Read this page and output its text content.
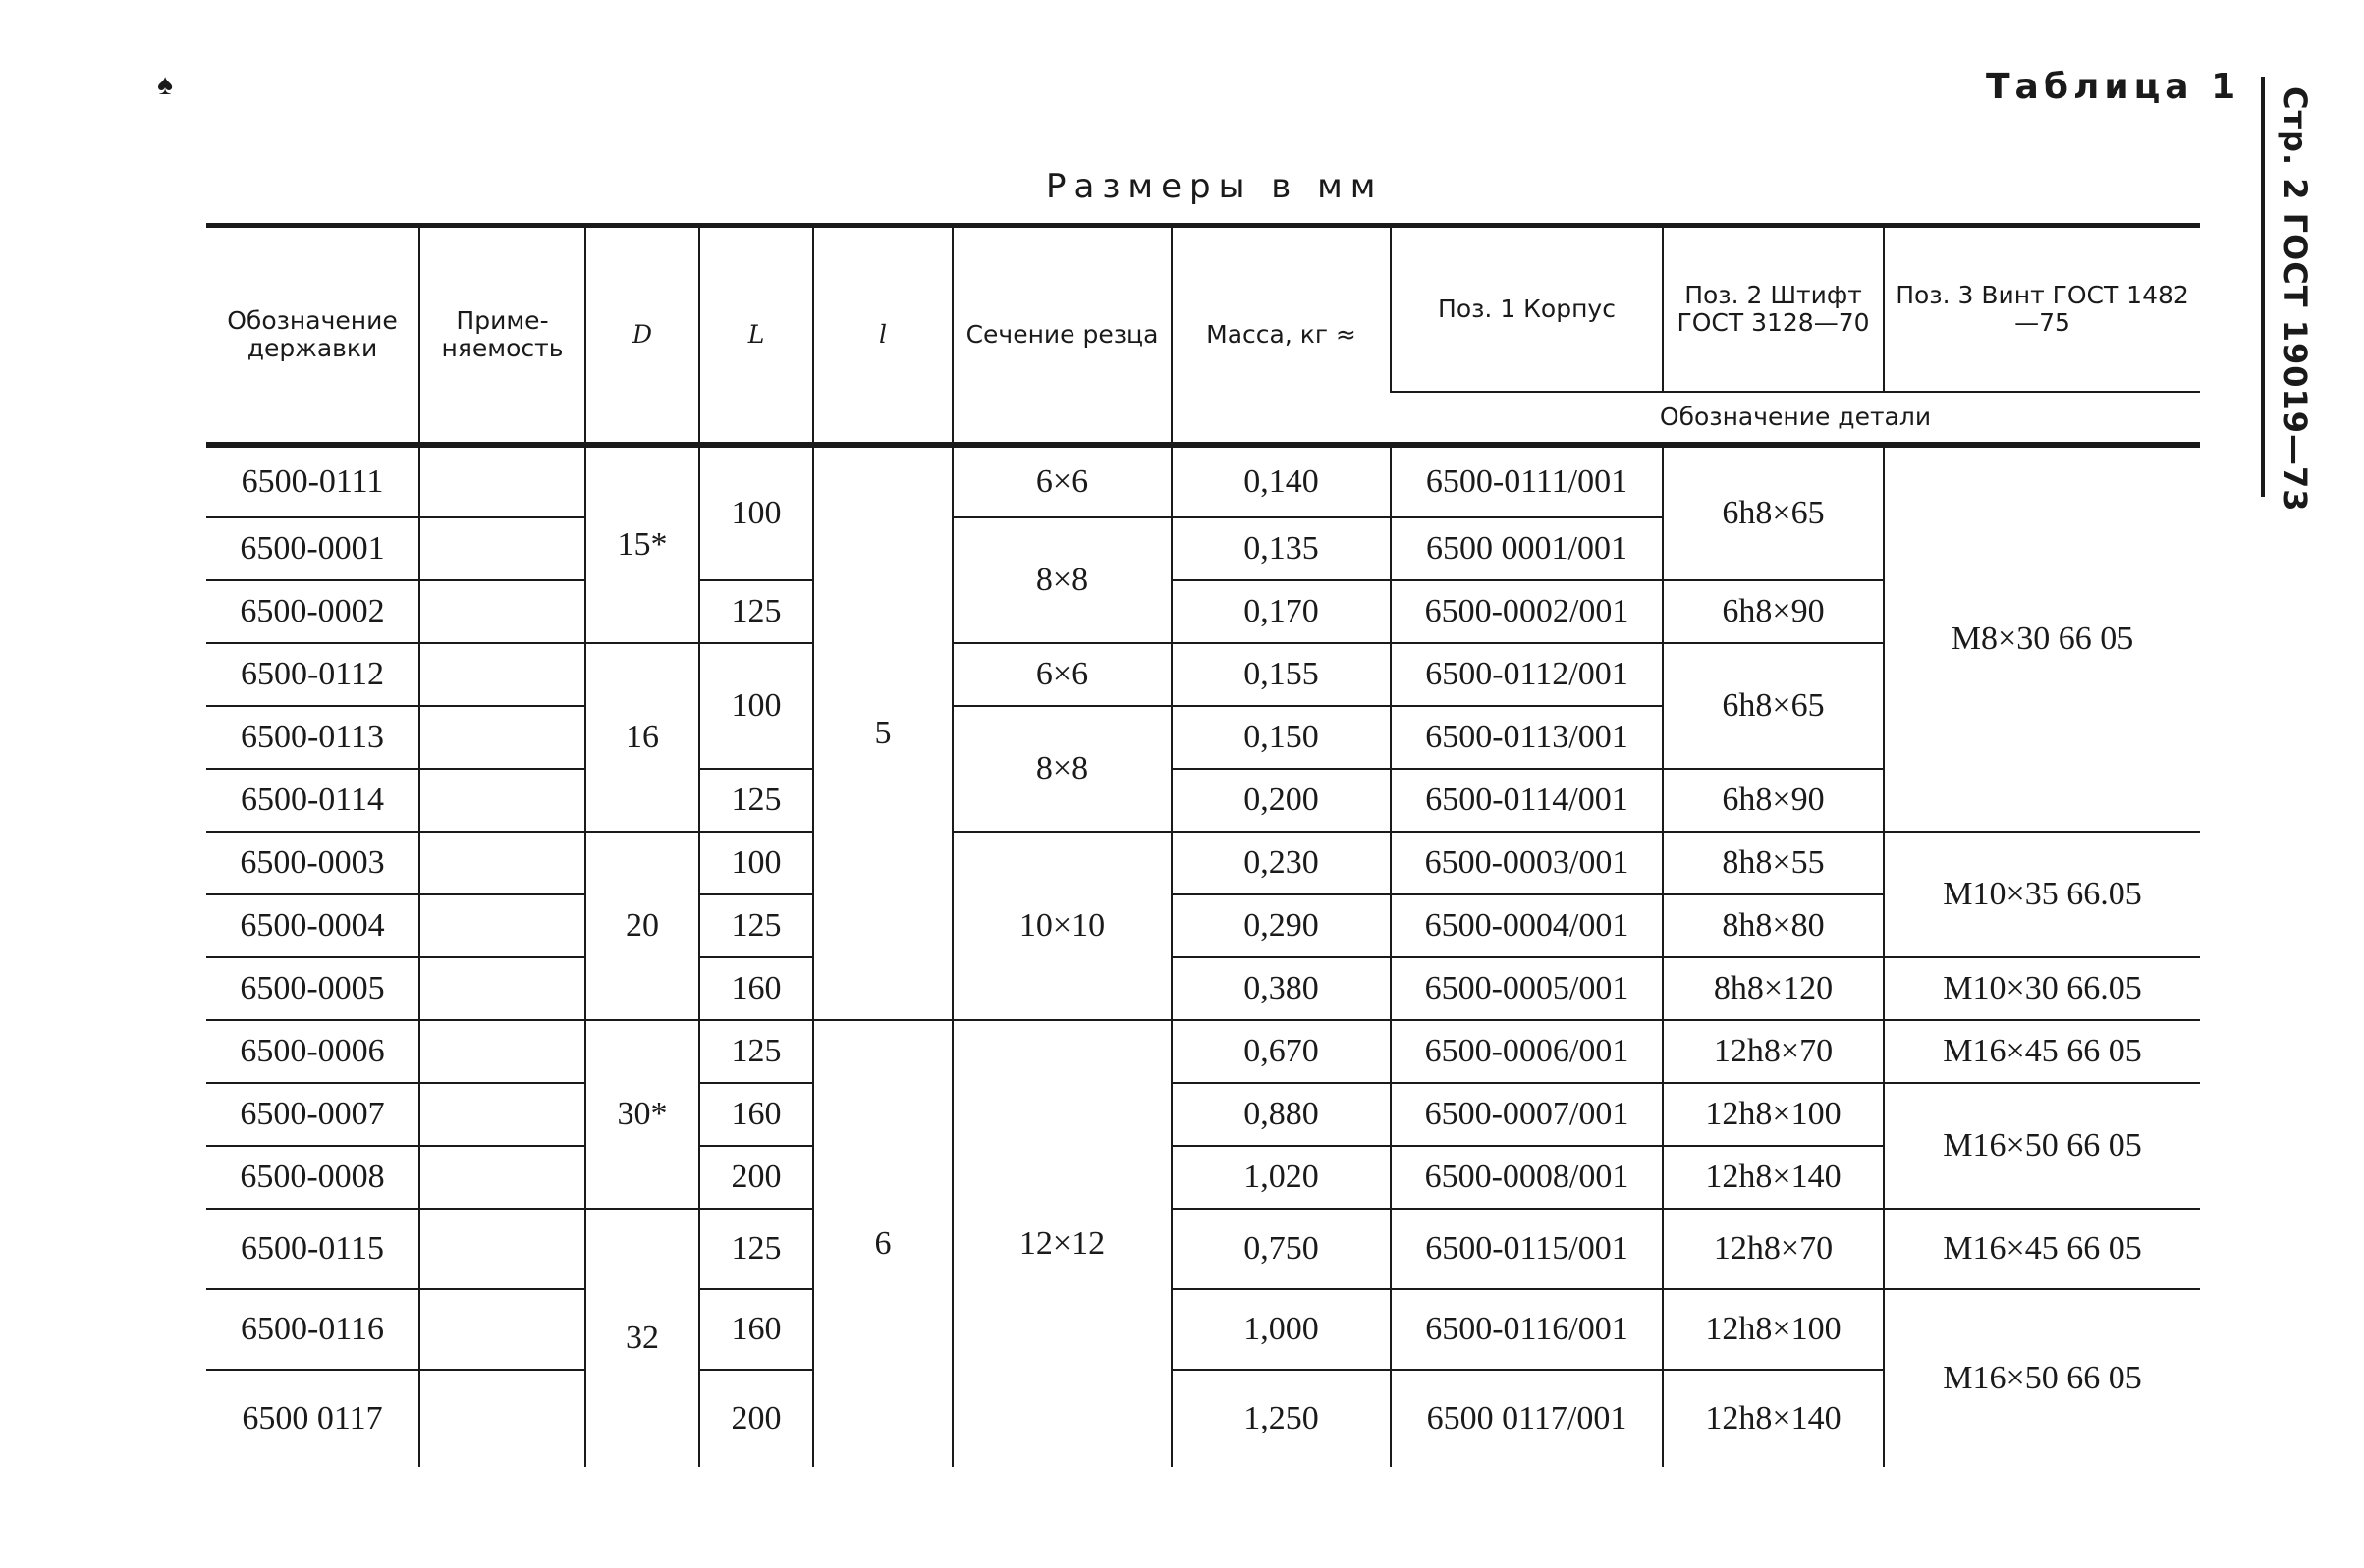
♠	Таблица 1
Размеры в мм	Стр. 2 ГОСТ 19019—73
Обозначение державки	Приме-няемость	D	L	l	Сечение резца	Масса, кг ≈	Поз. 1 Корпус	Поз. 2 Штифт ГОСТ 3128—70	Поз. 3 Винт ГОСТ 1482—75
							Обозначение детали		

6500-0111		15*	100	5	6×6	0,140	6500-0111/001	6h8×65	М8×30 66 05
6500-0001					8×8	0,135	6500 0001/001		
6500-0002			125			0,170	6500-0002/001	6h8×90	
6500-0112		16	100		6×6	0,155	6500-0112/001	6h8×65	
6500-0113					8×8	0,150	6500-0113/001		
6500-0114			125			0,200	6500-0114/001	6h8×90	
6500-0003		20	100		10×10	0,230	6500-0003/001	8h8×55	М10×35 66.05
6500-0004			125			0,290	6500-0004/001	8h8×80	
6500-0005			160			0,380	6500-0005/001	8h8×120	М10×30 66.05
6500-0006		30*	125	6	12×12	0,670	6500-0006/001	12h8×70	М16×45 66 05
6500-0007			160			0,880	6500-0007/001	12h8×100	М16×50 66 05
6500-0008			200			1,020	6500-0008/001	12h8×140	
6500-0115		32	125			0,750	6500-0115/001	12h8×70	М16×45 66 05
6500-0116			160			1,000	6500-0116/001	12h8×100	М16×50 66 05
6500 0117			200			1,250	6500 0117/001	12h8×140	
